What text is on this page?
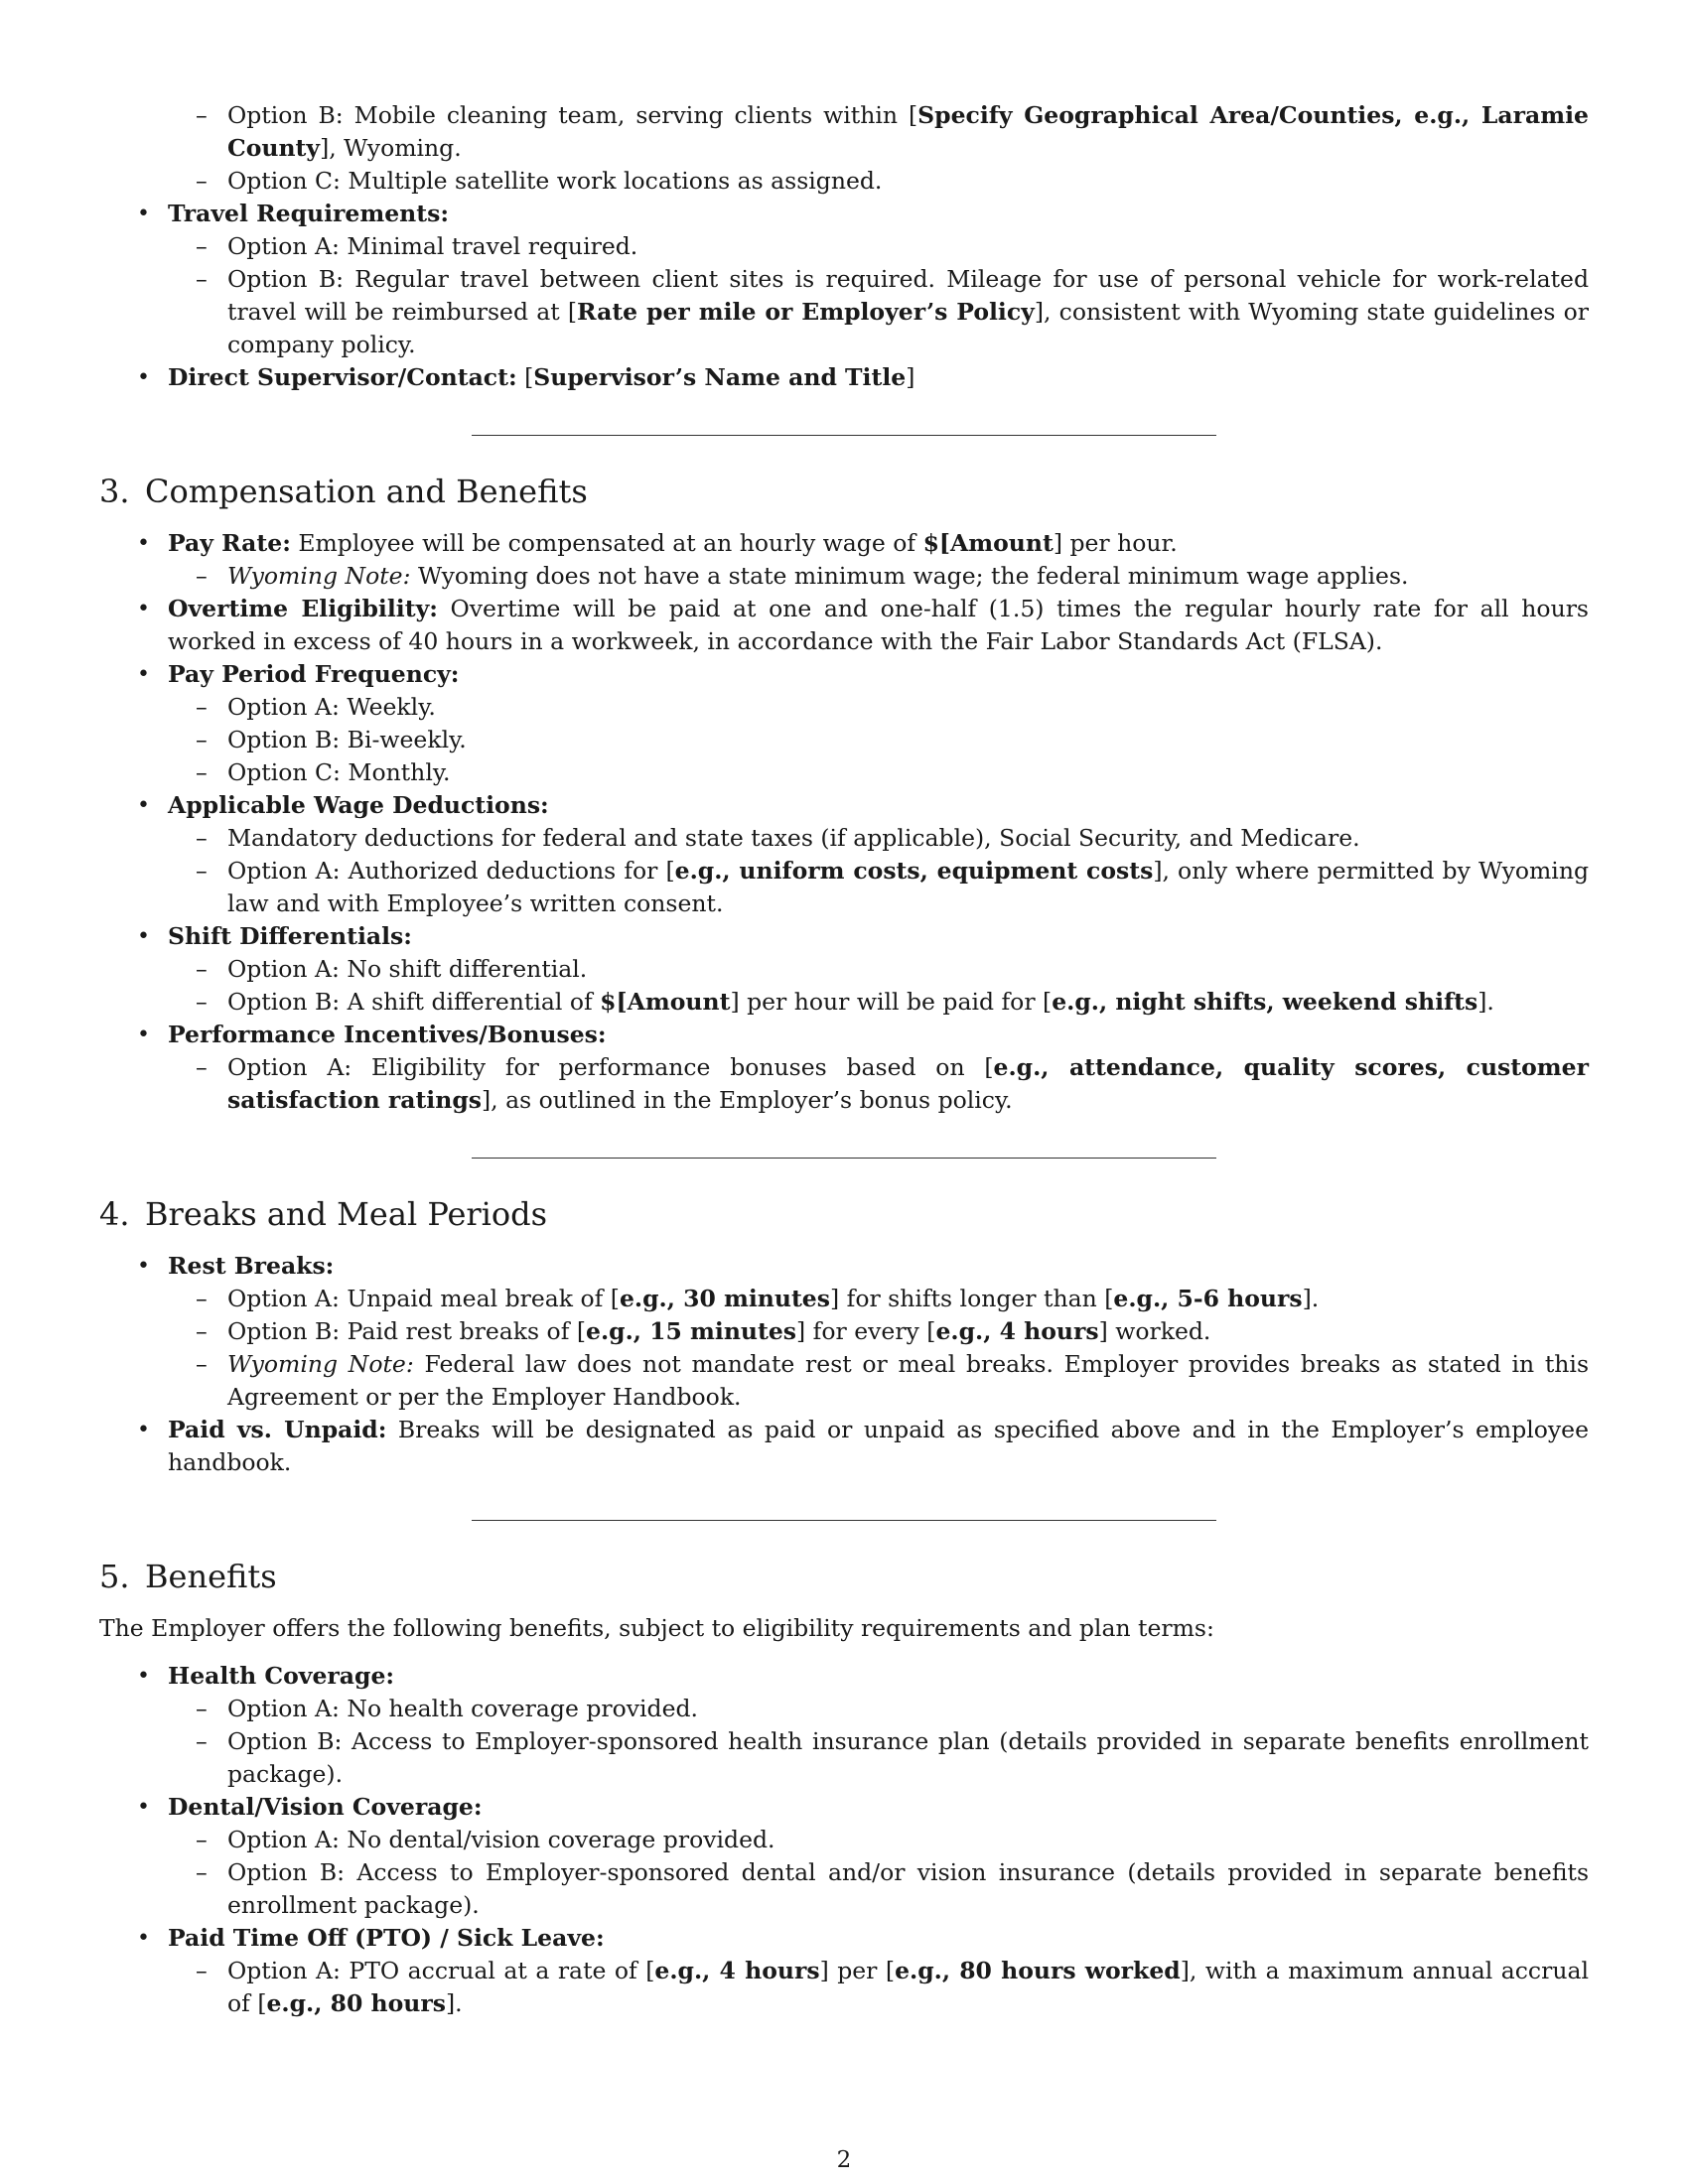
– Option B: Mobile cleaning team, serving clients within [Specify Geographical Area/Counties, e.g., Laramie County], Wyoming.
– Option C: Multiple satellite work locations as assigned.
• Travel Requirements:
– Option A: Minimal travel required.
– Option B: Regular travel between client sites is required. Mileage for use of personal vehicle for work-related travel will be reimbursed at [Rate per mile or Employer’s Policy], consistent with Wyoming state guidelines or company policy.
• Direct Supervisor/Contact: [Supervisor’s Name and Title]
3. Compensation and Benefits
• Pay Rate: Employee will be compensated at an hourly wage of $[Amount] per hour.
– Wyoming Note: Wyoming does not have a state minimum wage; the federal minimum wage applies.
• Overtime Eligibility: Overtime will be paid at one and one-half (1.5) times the regular hourly rate for all hours worked in excess of 40 hours in a workweek, in accordance with the Fair Labor Standards Act (FLSA).
• Pay Period Frequency:
– Option A: Weekly.
– Option B: Bi-weekly.
– Option C: Monthly.
• Applicable Wage Deductions:
– Mandatory deductions for federal and state taxes (if applicable), Social Security, and Medicare.
– Option A: Authorized deductions for [e.g., uniform costs, equipment costs], only where permitted by Wyoming law and with Employee’s written consent.
• Shift Differentials:
– Option A: No shift differential.
– Option B: A shift differential of $[Amount] per hour will be paid for [e.g., night shifts, weekend shifts].
• Performance Incentives/Bonuses:
– Option A: Eligibility for performance bonuses based on [e.g., attendance, quality scores, customer satisfaction ratings], as outlined in the Employer’s bonus policy.
4. Breaks and Meal Periods
• Rest Breaks:
– Option A: Unpaid meal break of [e.g., 30 minutes] for shifts longer than [e.g., 5-6 hours].
– Option B: Paid rest breaks of [e.g., 15 minutes] for every [e.g., 4 hours] worked.
– Wyoming Note: Federal law does not mandate rest or meal breaks. Employer provides breaks as stated in this Agreement or per the Employer Handbook.
• Paid vs. Unpaid: Breaks will be designated as paid or unpaid as specified above and in the Employer’s employee handbook.
5. Benefits

The Employer offers the following benefits, subject to eligibility requirements and plan terms:

• Health Coverage:
– Option A: No health coverage provided.
– Option B: Access to Employer-sponsored health insurance plan (details provided in separate benefits enrollment package).
• Dental/Vision Coverage:
– Option A: No dental/vision coverage provided.
– Option B: Access to Employer-sponsored dental and/or vision insurance (details provided in separate benefits enrollment package).
• Paid Time Off (PTO) / Sick Leave:
– Option A: PTO accrual at a rate of [e.g., 4 hours] per [e.g., 80 hours worked], with a maximum annual accrual of [e.g., 80 hours].
2
